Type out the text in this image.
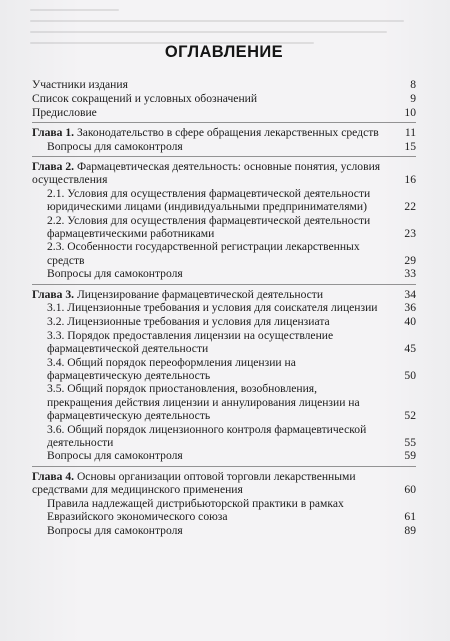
ОГЛАВЛЕНИЕ
Участники издания	8
Список сокращений и условных обозначений	9
Предисловие	10
Глава 1. Законодательство в сфере обращения лекарственных средств	11
Вопросы для самоконтроля	15
Глава 2. Фармацевтическая деятельность: основные понятия, условия осуществления	16
2.1. Условия для осуществления фармацевтической деятельности юридическими лицами (индивидуальными предпринимателями)	22
2.2. Условия для осуществления фармацевтической деятельности фармацевтическими работниками	23
2.3. Особенности государственной регистрации лекарственных средств	29
Вопросы для самоконтроля	33
Глава 3. Лицензирование фармацевтической деятельности	34
3.1. Лицензионные требования и условия для соискателя лицензии	36
3.2. Лицензионные требования и условия для лицензиата	40
3.3. Порядок предоставления лицензии на осуществление фармацевтической деятельности	45
3.4. Общий порядок переоформления лицензии на фармацевтическую деятельность	50
3.5. Общий порядок приостановления, возобновления, прекращения действия лицензии и аннулирования лицензии на фармацевтическую деятельность	52
3.6. Общий порядок лицензионного контроля фармацевтической деятельности	55
Вопросы для самоконтроля	59
Глава 4. Основы организации оптовой торговли лекарственными средствами для медицинского применения	60
Правила надлежащей дистрибьюторской практики в рамках Евразийского экономического союза	61
Вопросы для самоконтроля	89
